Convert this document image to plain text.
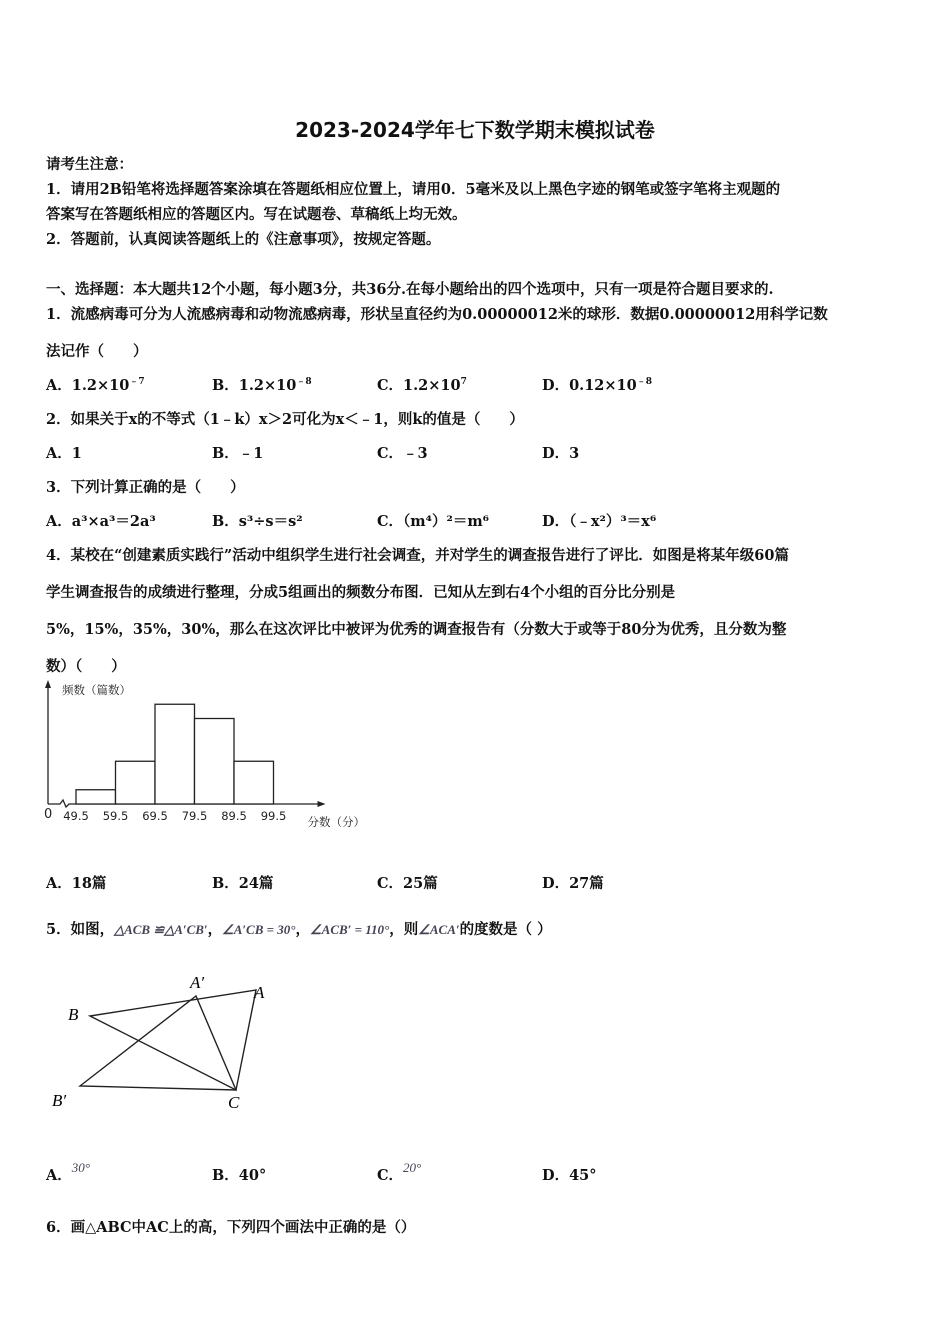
2023-2024学年七下数学期末模拟试卷
请考生注意：
1．请用2B铅笔将选择题答案涂填在答题纸相应位置上，请用0．5毫米及以上黑色字迹的钢笔或签字笔将主观题的
答案写在答题纸相应的答题区内。写在试题卷、草稿纸上均无效。
2．答题前，认真阅读答题纸上的《注意事项》，按规定答题。
一、选择题：本大题共12个小题，每小题3分，共36分.在每小题给出的四个选项中，只有一项是符合题目要求的.
1．流感病毒可分为人流感病毒和动物流感病毒，形状呈直径约为0.00000012米的球形．数据0.00000012用科学记数
法记作（　　）
A．$1.2\times 10^{﹣7}$	B．$1.2\times 10^{﹣8}$	C．$1.2\times 10^7$	D．$0.12\times 10^{﹣8}$
2．如果关于x的不等式（1﹣k）x＞2可化为x＜﹣1，则k的值是（　　）
A．1	B．﹣1	C．﹣3	D．3
3．下列计算正确的是（　　）
A．a³×a³＝2a³	B．s³÷s＝s²	C．（m⁴）²＝m⁶	D．（﹣x²）³＝x⁶
4．某校在“创建素质实践行”活动中组织学生进行社会调查，并对学生的调查报告进行了评比．如图是将某年级60篇
学生调查报告的成绩进行整理，分成5组画出的频数分布图．已知从左到右4个小组的百分比分别是
5%，15%，35%，30%，那么在这次评比中被评为优秀的调查报告有（分数大于或等于80分为优秀，且分数为整
数）（　　）
频数（篇数）
分数（分）
0 49.5 59.5 69.5 79.5 89.5 99.5
A．18篇	B．24篇	C．25篇	D．27篇
5．如图，△ACB ≌△A′CB′，∠A′CB = 30°，∠ACB′ = 110°，则∠ACA′的度数是（ ）
B
A′
A
B′	C
A．30°	B．40°	C．20°	D．45°
6．画△ABC中AC上的高，下列四个画法中正确的是（）
